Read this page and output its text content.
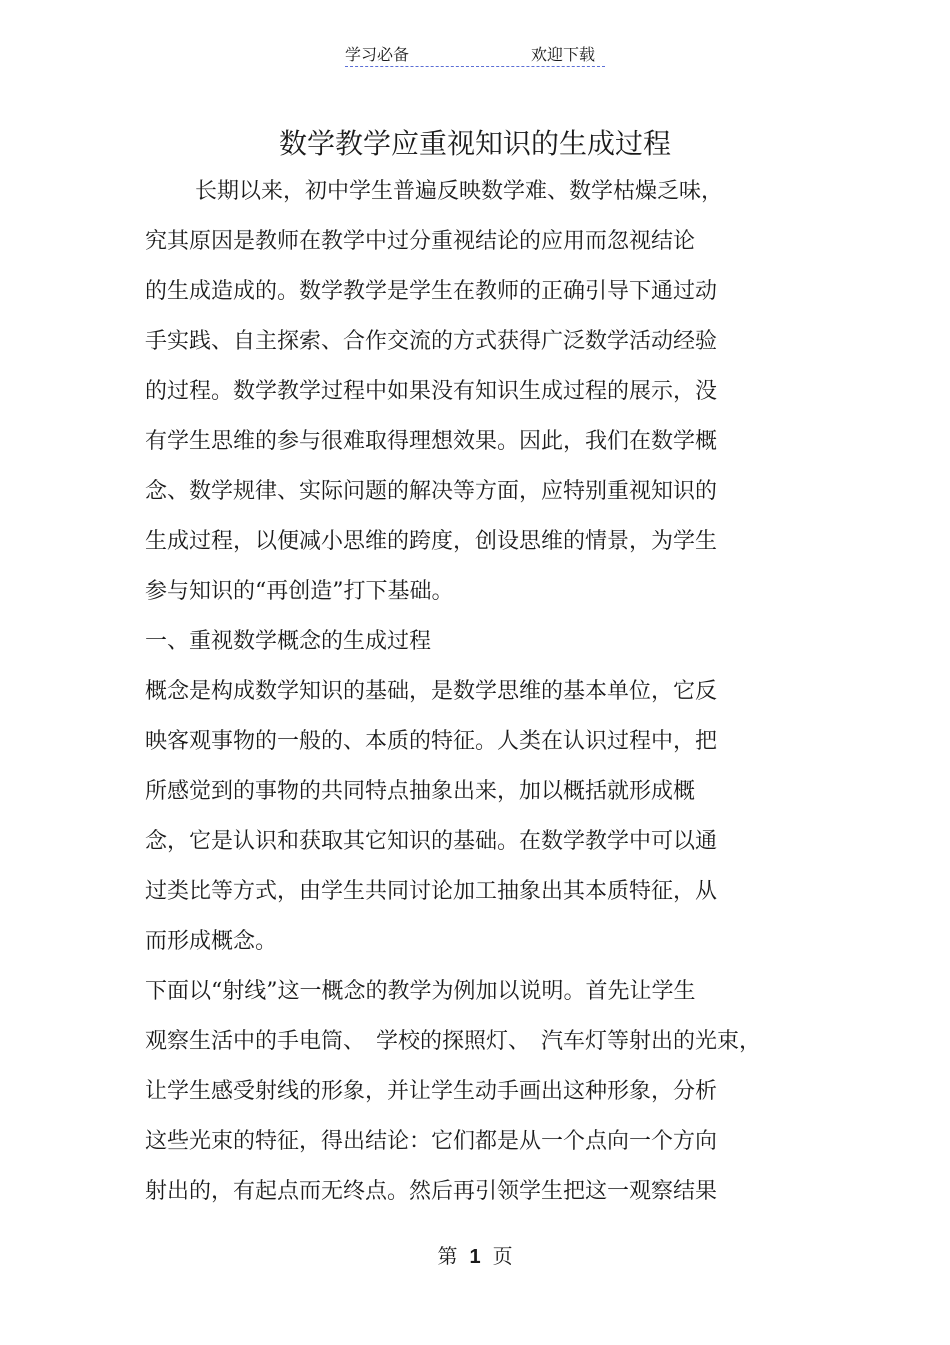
学习必备	欢迎下载
数学教学应重视知识的生成过程
长期以来，初中学生普遍反映数学难、数学枯燥乏味，
究其原因是教师在教学中过分重视结论的应用而忽视结论
的生成造成的。数学教学是学生在教师的正确引导下通过动
手实践、自主探索、合作交流的方式获得广泛数学活动经验
的过程。数学教学过程中如果没有知识生成过程的展示，没
有学生思维的参与很难取得理想效果。因此，我们在数学概
念、数学规律、实际问题的解决等方面，应特别重视知识的
生成过程，以便减小思维的跨度，创设思维的情景，为学生
参与知识的“再创造”打下基础。
一、重视数学概念的生成过程
概念是构成数学知识的基础，是数学思维的基本单位，它反
映客观事物的一般的、本质的特征。人类在认识过程中，把
所感觉到的事物的共同特点抽象出来，加以概括就形成概
念，它是认识和获取其它知识的基础。在数学教学中可以通
过类比等方式，由学生共同讨论加工抽象出其本质特征，从
而形成概念。
下面以“射线”这一概念的教学为例加以说明。首先让学生
观察生活中的手电筒、　学校的探照灯、　汽车灯等射出的光束，
让学生感受射线的形象，并让学生动手画出这种形象，分析
这些光束的特征，得出结论：它们都是从一个点向一个方向
射出的，有起点而无终点。然后再引领学生把这一观察结果
第 1 页
